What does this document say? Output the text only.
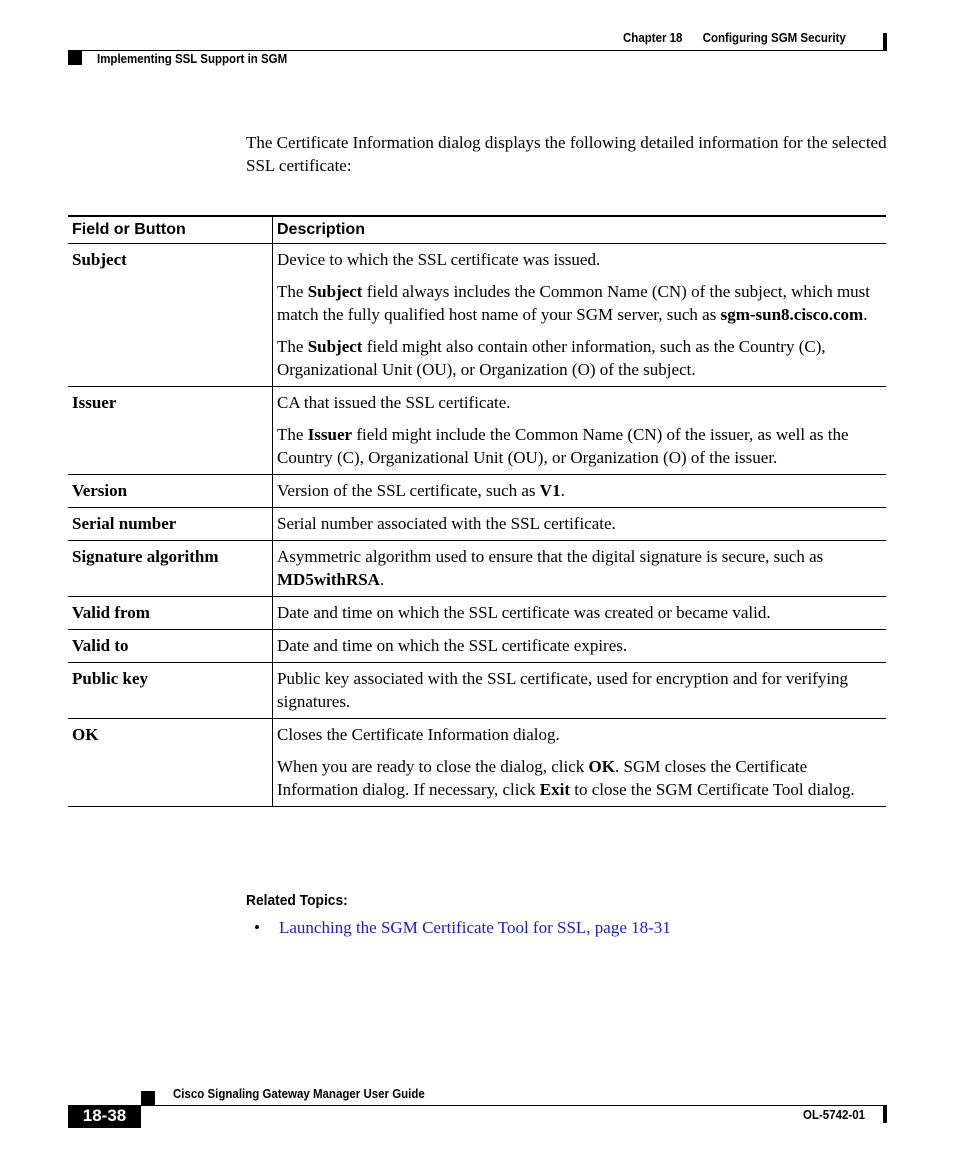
Chapter 18 Configuring SGM Security
Implementing SSL Support in SGM
The Certificate Information dialog displays the following detailed information for the selected SSL certificate:
Field or Button	Description
Subject	Device to which the SSL certificate was issued.

The Subject field always includes the Common Name (CN) of the subject, which must match the fully qualified host name of your SGM server, such as sgm-sun8.cisco.com.

The Subject field might also contain other information, such as the Country (C), Organizational Unit (OU), or Organization (O) of the subject.

Issuer	CA that issued the SSL certificate.

The Issuer field might include the Common Name (CN) of the issuer, as well as the Country (C), Organizational Unit (OU), or Organization (O) of the issuer.

Version	Version of the SSL certificate, such as V1.

Serial number	Serial number associated with the SSL certificate.

Signature algorithm	Asymmetric algorithm used to ensure that the digital signature is secure, such as MD5withRSA.

Valid from	Date and time on which the SSL certificate was created or became valid.

Valid to	Date and time on which the SSL certificate expires.

Public key	Public key associated with the SSL certificate, used for encryption and for verifying signatures.

OK	Closes the Certificate Information dialog.

When you are ready to close the dialog, click OK. SGM closes the Certificate Information dialog. If necessary, click Exit to close the SGM Certificate Tool dialog.

Related Topics:
• Launching the SGM Certificate Tool for SSL, page 18-31
Cisco Signaling Gateway Manager User Guide
18-38	OL-5742-01
